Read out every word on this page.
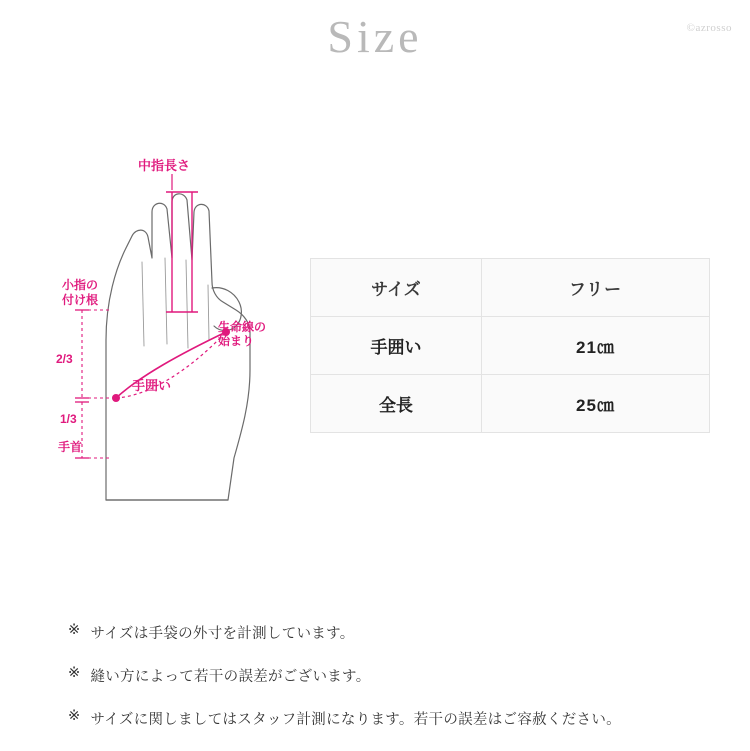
Size	©azrosso
中指長さ
小指の
付け根
2/3
1/3
手首
手囲い
生命線の
始まり
サイズ	フリー
手囲い	21㎝
全長	25㎝
※ サイズは手袋の外寸を計測しています。
※ 縫い方によって若干の誤差がございます。
※ サイズに関しましてはスタッフ計測になります。若干の誤差はご容赦ください。
